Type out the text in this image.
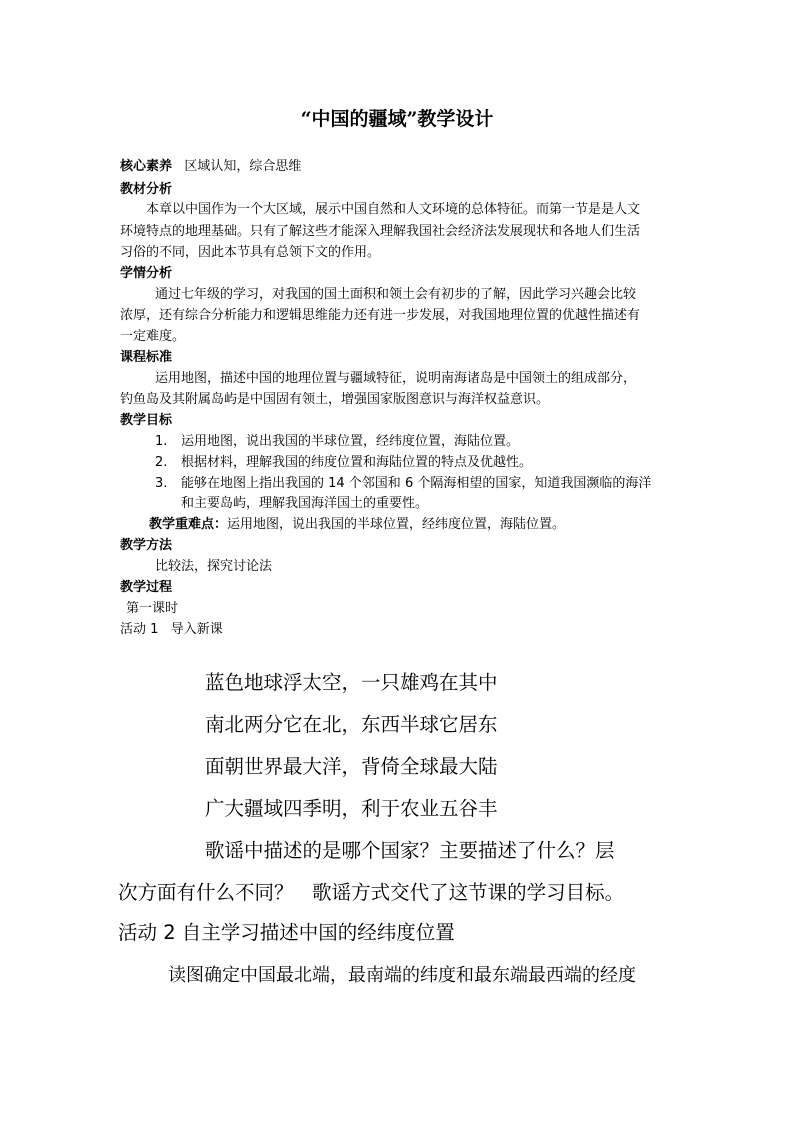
“中国的疆域”教学设计
核心素养 区域认知，综合思维
教材分析
本章以中国作为一个大区域，展示中国自然和人文环境的总体特征。而第一节是是人文
环境特点的地理基础。只有了解这些才能深入理解我国社会经济法发展现状和各地人们生活
习俗的不同，因此本节具有总领下文的作用。
学情分析
通过七年级的学习，对我国的国土面积和领土会有初步的了解，因此学习兴趣会比较
浓厚，还有综合分析能力和逻辑思维能力还有进一步发展，对我国地理位置的优越性描述有
一定难度。
课程标准
运用地图，描述中国的地理位置与疆域特征，说明南海诸岛是中国领土的组成部分，
钓鱼岛及其附属岛屿是中国固有领土，增强国家版图意识与海洋权益意识。
教学目标
1. 运用地图，说出我国的半球位置，经纬度位置，海陆位置。
2. 根据材料，理解我国的纬度位置和海陆位置的特点及优越性。
3. 能够在地图上指出我国的 14 个邻国和 6 个隔海相望的国家，知道我国濒临的海洋
和主要岛屿，理解我国海洋国土的重要性。
教学重难点：运用地图，说出我国的半球位置，经纬度位置，海陆位置。
教学方法
比较法，探究讨论法
教学过程
第一课时
活动 1   导入新课
蓝色地球浮太空，一只雄鸡在其中
南北两分它在北，东西半球它居东
面朝世界最大洋，背倚全球最大陆
广大疆域四季明，利于农业五谷丰
歌谣中描述的是哪个国家？主要描述了什么？层
次方面有什么不同？   歌谣方式交代了这节课的学习目标。
活动 2 自主学习描述中国的经纬度位置
读图确定中国最北端，最南端的纬度和最东端最西端的经度
